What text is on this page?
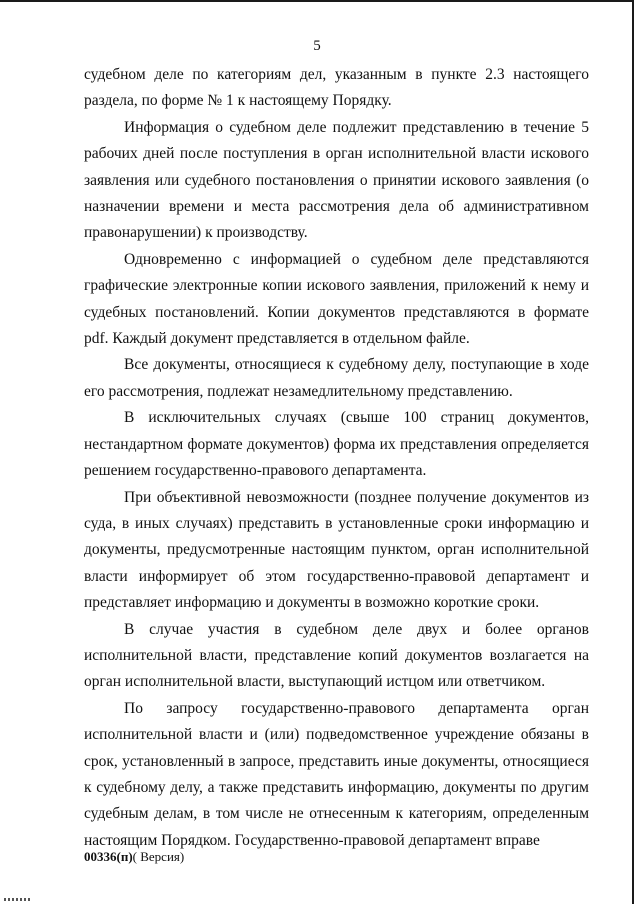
5

судебном деле по категориям дел, указанным в пункте 2.3 настоящего раздела, по форме № 1 к настоящему Порядку.

Информация о судебном деле подлежит представлению в течение 5 рабочих дней после поступления в орган исполнительной власти искового заявления или судебного постановления о принятии искового заявления (о назначении времени и места рассмотрения дела об административном правонарушении) к производству.

Одновременно с информацией о судебном деле представляются графические электронные копии искового заявления, приложений к нему и судебных постановлений. Копии документов представляются в формате pdf. Каждый документ представляется в отдельном файле.

Все документы, относящиеся к судебному делу, поступающие в ходе его рассмотрения, подлежат незамедлительному представлению.

В исключительных случаях (свыше 100 страниц документов, нестандартном формате документов) форма их представления определяется решением государственно-правового департамента.

При объективной невозможности (позднее получение документов из суда, в иных случаях) представить в установленные сроки информацию и документы, предусмотренные настоящим пунктом, орган исполнительной власти информирует об этом государственно-правовой департамент и представляет информацию и документы в возможно короткие сроки.

В случае участия в судебном деле двух и более органов исполнительной власти, представление копий документов возлагается на орган исполнительной власти, выступающий истцом или ответчиком.

По запросу государственно-правового департамента орган исполнительной власти и (или) подведомственное учреждение обязаны в срок, установленный в запросе, представить иные документы, относящиеся к судебному делу, а также представить информацию, документы по другим судебным делам, в том числе не отнесенным к категориям, определенным настоящим Порядком. Государственно-правовой департамент вправе

00336(п)( Версия)
